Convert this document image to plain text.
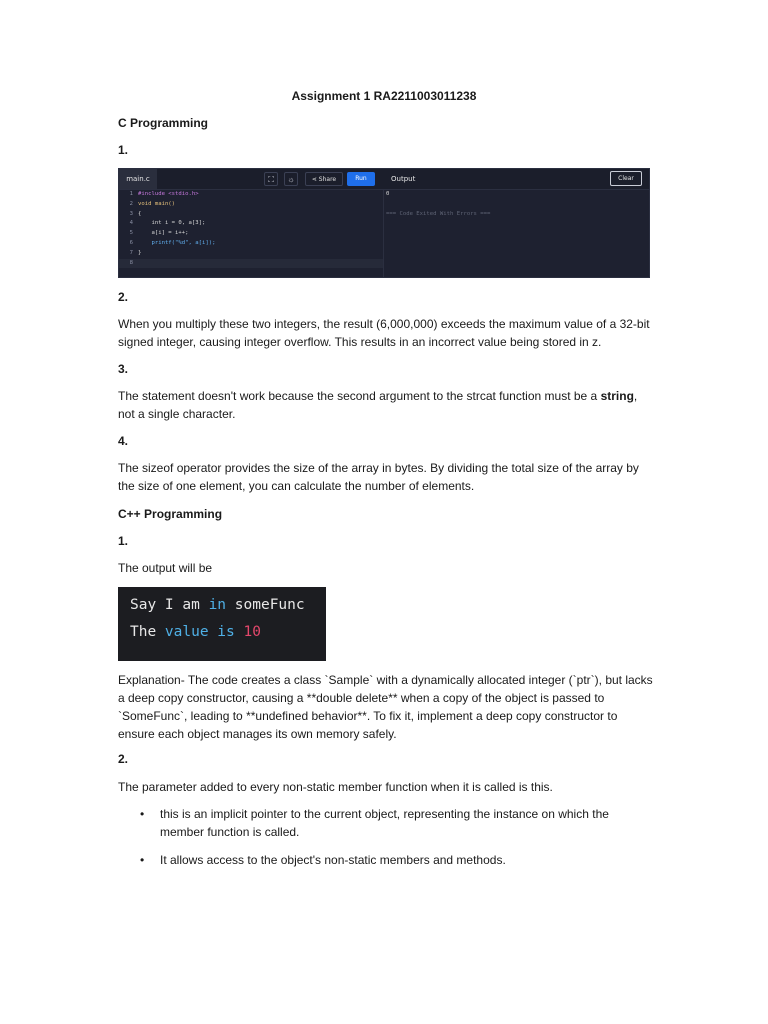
Assignment 1 RA2211003011238
C Programming
1.
main.c	⛶	☼	⋖ Share	Run	Output	Clear
1 #include <stdio.h>
2 void main()
3 {
4    int i = 0, a[3];
5    a[i] = i++;
6    printf("%d", a[i]);
7 }
8
0
=== Code Exited With Errors ===
2.
When you multiply these two integers, the result (6,000,000) exceeds the maximum value of a 32-bit signed integer, causing integer overflow. This results in an incorrect value being stored in z.
3.
The statement doesn't work because the second argument to the strcat function must be a string, not a single character.
4.
The sizeof operator provides the size of the array in bytes. By dividing the total size of the array by the size of one element, you can calculate the number of elements.
C++ Programming
1.
The output will be
Say I am in someFunc
The value is 10
Explanation- The code creates a class `Sample` with a dynamically allocated integer (`ptr`), but lacks a deep copy constructor, causing a **double delete** when a copy of the object is passed to `SomeFunc`, leading to **undefined behavior**. To fix it, implement a deep copy constructor to ensure each object manages its own memory safely.
2.
The parameter added to every non-static member function when it is called is this.
• this is an implicit pointer to the current object, representing the instance on which the member function is called.
• It allows access to the object's non-static members and methods.
